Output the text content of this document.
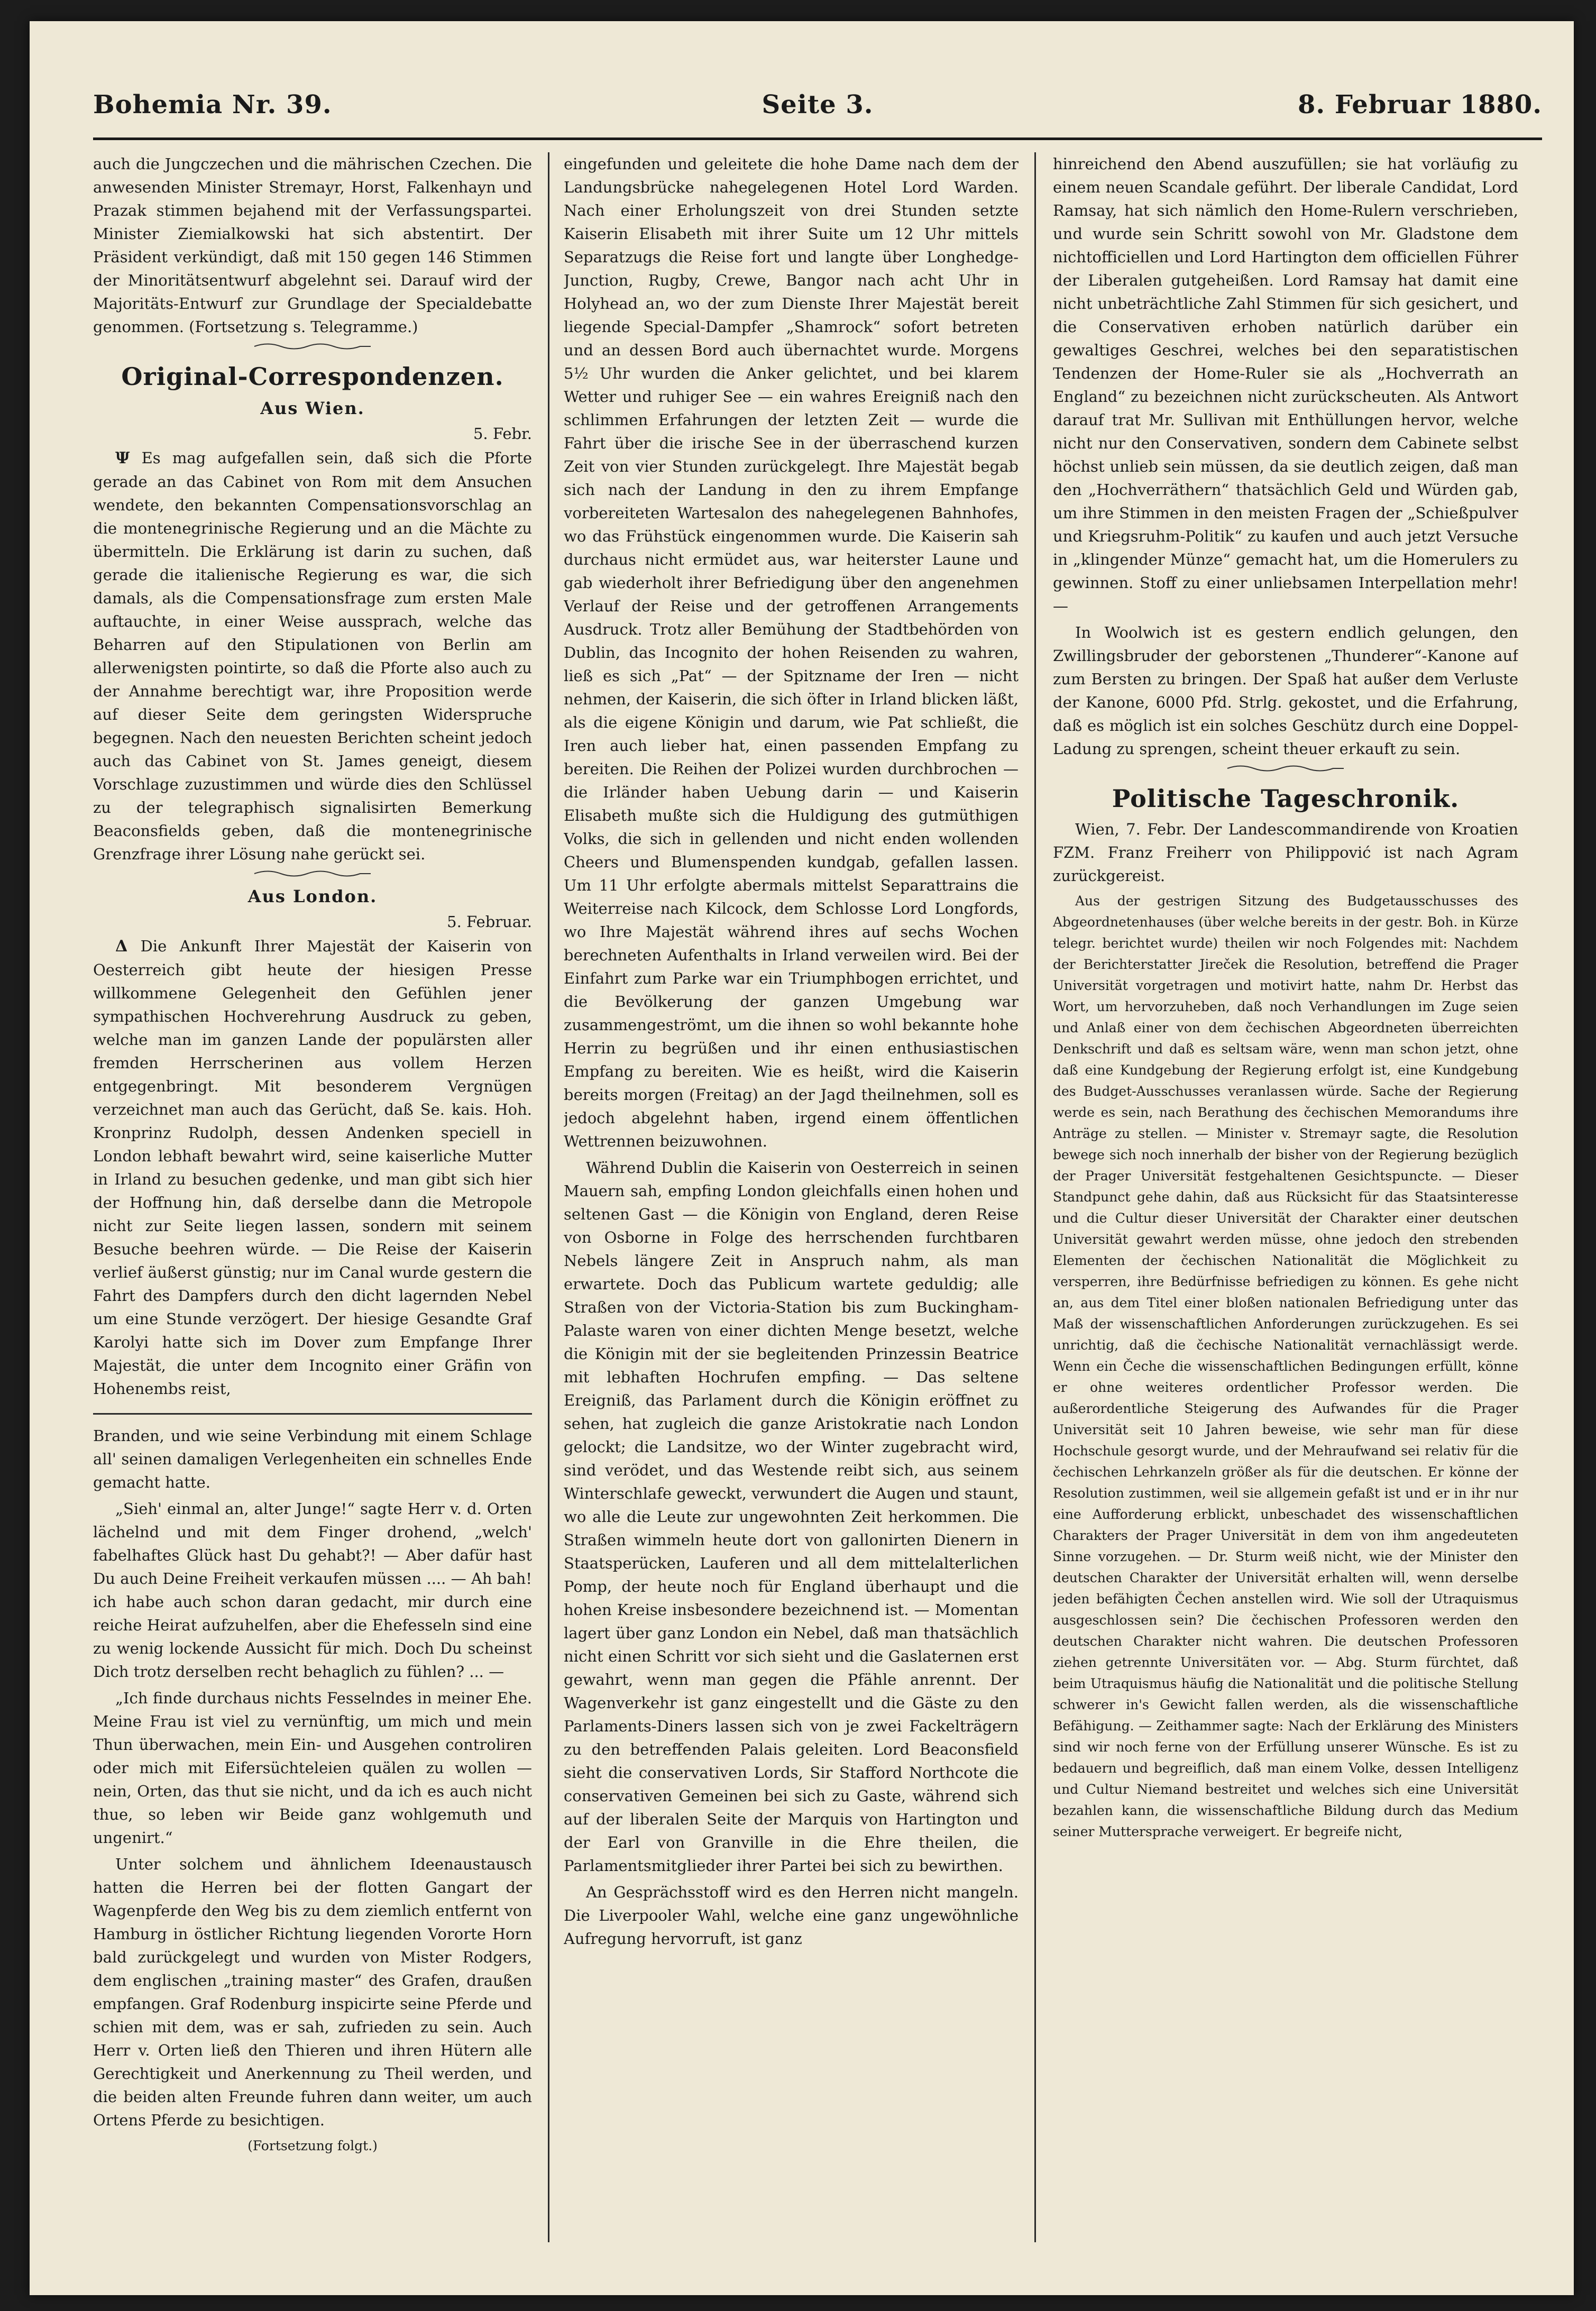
Bohemia Nr. 39.	Seite 3.	8. Februar 1880.

auch die Jungczechen und die mährischen Czechen. Die anwesenden Minister Stremayr, Horst, Falkenhayn und Prazak stimmen bejahend mit der Verfassungspartei. Minister Ziemialkowski hat sich abstentirt. Der Präsident verkündigt, daß mit 150 gegen 146 Stimmen der Minoritätsentwurf abgelehnt sei. Darauf wird der Majoritäts-Entwurf zur Grundlage der Specialdebatte genommen. (Fortsetzung s. Telegramme.)

Original-Correspondenzen.
Aus Wien.
5. Febr.

Ψ Es mag aufgefallen sein, daß sich die Pforte gerade an das Cabinet von Rom mit dem Ansuchen wendete, den bekannten Compensationsvorschlag an die montenegrinische Regierung und an die Mächte zu übermitteln. Die Erklärung ist darin zu suchen, daß gerade die italienische Regierung es war, die sich damals, als die Compensationsfrage zum ersten Male auftauchte, in einer Weise aussprach, welche das Beharren auf den Stipulationen von Berlin am allerwenigsten pointirte, so daß die Pforte also auch zu der Annahme berechtigt war, ihre Proposition werde auf dieser Seite dem geringsten Widerspruche begegnen. Nach den neuesten Berichten scheint jedoch auch das Cabinet von St. James geneigt, diesem Vorschlage zuzustimmen und würde dies den Schlüssel zu der telegraphisch signalisirten Bemerkung Beaconsfields geben, daß die montenegrinische Grenzfrage ihrer Lösung nahe gerückt sei.

Aus London.
5. Februar.

Δ Die Ankunft Ihrer Majestät der Kaiserin von Oesterreich gibt heute der hiesigen Presse willkommene Gelegenheit den Gefühlen jener sympathischen Hochverehrung Ausdruck zu geben, welche man im ganzen Lande der populärsten aller fremden Herrscherinen aus vollem Herzen entgegenbringt. Mit besonderem Vergnügen verzeichnet man auch das Gerücht, daß Se. kais. Hoh. Kronprinz Rudolph, dessen Andenken speciell in London lebhaft bewahrt wird, seine kaiserliche Mutter in Irland zu besuchen gedenke, und man gibt sich hier der Hoffnung hin, daß derselbe dann die Metropole nicht zur Seite liegen lassen, sondern mit seinem Besuche beehren würde. — Die Reise der Kaiserin verlief äußerst günstig; nur im Canal wurde gestern die Fahrt des Dampfers durch den dicht lagernden Nebel um eine Stunde verzögert. Der hiesige Gesandte Graf Karolyi hatte sich im Dover zum Empfange Ihrer Majestät, die unter dem Incognito einer Gräfin von Hohenembs reist,

Branden, und wie seine Verbindung mit einem Schlage all' seinen damaligen Verlegenheiten ein schnelles Ende gemacht hatte.

„Sieh' einmal an, alter Junge!“ sagte Herr v. d. Orten lächelnd und mit dem Finger drohend, „welch' fabelhaftes Glück hast Du gehabt?! — Aber dafür hast Du auch Deine Freiheit verkaufen müssen .... — Ah bah! ich habe auch schon daran gedacht, mir durch eine reiche Heirat aufzuhelfen, aber die Ehefesseln sind eine zu wenig lockende Aussicht für mich. Doch Du scheinst Dich trotz derselben recht behaglich zu fühlen? ... —

„Ich finde durchaus nichts Fesselndes in meiner Ehe. Meine Frau ist viel zu vernünftig, um mich und mein Thun überwachen, mein Ein- und Ausgehen controliren oder mich mit Eifersüchteleien quälen zu wollen — nein, Orten, das thut sie nicht, und da ich es auch nicht thue, so leben wir Beide ganz wohlgemuth und ungenirt.“

Unter solchem und ähnlichem Ideenaustausch hatten die Herren bei der flotten Gangart der Wagenpferde den Weg bis zu dem ziemlich entfernt von Hamburg in östlicher Richtung liegenden Vororte Horn bald zurückgelegt und wurden von Mister Rodgers, dem englischen „training master“ des Grafen, draußen empfangen. Graf Rodenburg inspicirte seine Pferde und schien mit dem, was er sah, zufrieden zu sein. Auch Herr v. Orten ließ den Thieren und ihren Hütern alle Gerechtigkeit und Anerkennung zu Theil werden, und die beiden alten Freunde fuhren dann weiter, um auch Ortens Pferde zu besichtigen.

(Fortsetzung folgt.)

eingefunden und geleitete die hohe Dame nach dem der Landungsbrücke nahegelegenen Hotel Lord Warden. Nach einer Erholungszeit von drei Stunden setzte Kaiserin Elisabeth mit ihrer Suite um 12 Uhr mittels Separatzugs die Reise fort und langte über Longhedge-Junction, Rugby, Crewe, Bangor nach acht Uhr in Holyhead an, wo der zum Dienste Ihrer Majestät bereit liegende Special-Dampfer „Shamrock“ sofort betreten und an dessen Bord auch übernachtet wurde. Morgens 5½ Uhr wurden die Anker gelichtet, und bei klarem Wetter und ruhiger See — ein wahres Ereigniß nach den schlimmen Erfahrungen der letzten Zeit — wurde die Fahrt über die irische See in der überraschend kurzen Zeit von vier Stunden zurückgelegt. Ihre Majestät begab sich nach der Landung in den zu ihrem Empfange vorbereiteten Wartesalon des nahegelegenen Bahnhofes, wo das Frühstück eingenommen wurde. Die Kaiserin sah durchaus nicht ermüdet aus, war heiterster Laune und gab wiederholt ihrer Befriedigung über den angenehmen Verlauf der Reise und der getroffenen Arrangements Ausdruck. Trotz aller Bemühung der Stadtbehörden von Dublin, das Incognito der hohen Reisenden zu wahren, ließ es sich „Pat“ — der Spitzname der Iren — nicht nehmen, der Kaiserin, die sich öfter in Irland blicken läßt, als die eigene Königin und darum, wie Pat schließt, die Iren auch lieber hat, einen passenden Empfang zu bereiten. Die Reihen der Polizei wurden durchbrochen — die Irländer haben Uebung darin — und Kaiserin Elisabeth mußte sich die Huldigung des gutmüthigen Volks, die sich in gellenden und nicht enden wollenden Cheers und Blumenspenden kundgab, gefallen lassen. Um 11 Uhr erfolgte abermals mittelst Separattrains die Weiterreise nach Kilcock, dem Schlosse Lord Longfords, wo Ihre Majestät während ihres auf sechs Wochen berechneten Aufenthalts in Irland verweilen wird. Bei der Einfahrt zum Parke war ein Triumphbogen errichtet, und die Bevölkerung der ganzen Umgebung war zusammengeströmt, um die ihnen so wohl bekannte hohe Herrin zu begrüßen und ihr einen enthusiastischen Empfang zu bereiten. Wie es heißt, wird die Kaiserin bereits morgen (Freitag) an der Jagd theilnehmen, soll es jedoch abgelehnt haben, irgend einem öffentlichen Wettrennen beizuwohnen.

Während Dublin die Kaiserin von Oesterreich in seinen Mauern sah, empfing London gleichfalls einen hohen und seltenen Gast — die Königin von England, deren Reise von Osborne in Folge des herrschenden furchtbaren Nebels längere Zeit in Anspruch nahm, als man erwartete. Doch das Publicum wartete geduldig; alle Straßen von der Victoria-Station bis zum Buckingham-Palaste waren von einer dichten Menge besetzt, welche die Königin mit der sie begleitenden Prinzessin Beatrice mit lebhaften Hochrufen empfing. — Das seltene Ereigniß, das Parlament durch die Königin eröffnet zu sehen, hat zugleich die ganze Aristokratie nach London gelockt; die Landsitze, wo der Winter zugebracht wird, sind verödet, und das Westende reibt sich, aus seinem Winterschlafe geweckt, verwundert die Augen und staunt, wo alle die Leute zur ungewohnten Zeit herkommen. Die Straßen wimmeln heute dort von gallonirten Dienern in Staatsperücken, Lauferen und all dem mittelalterlichen Pomp, der heute noch für England überhaupt und die hohen Kreise insbesondere bezeichnend ist. — Momentan lagert über ganz London ein Nebel, daß man thatsächlich nicht einen Schritt vor sich sieht und die Gaslaternen erst gewahrt, wenn man gegen die Pfähle anrennt. Der Wagenverkehr ist ganz eingestellt und die Gäste zu den Parlaments-Diners lassen sich von je zwei Fackelträgern zu den betreffenden Palais geleiten. Lord Beaconsfield sieht die conservativen Lords, Sir Stafford Northcote die conservativen Gemeinen bei sich zu Gaste, während sich auf der liberalen Seite der Marquis von Hartington und der Earl von Granville in die Ehre theilen, die Parlamentsmitglieder ihrer Partei bei sich zu bewirthen.

An Gesprächsstoff wird es den Herren nicht mangeln. Die Liverpooler Wahl, welche eine ganz ungewöhnliche Aufregung hervorruft, ist ganz

hinreichend den Abend auszufüllen; sie hat vorläufig zu einem neuen Scandale geführt. Der liberale Candidat, Lord Ramsay, hat sich nämlich den Home-Rulern verschrieben, und wurde sein Schritt sowohl von Mr. Gladstone dem nichtofficiellen und Lord Hartington dem officiellen Führer der Liberalen gutgeheißen. Lord Ramsay hat damit eine nicht unbeträchtliche Zahl Stimmen für sich gesichert, und die Conservativen erhoben natürlich darüber ein gewaltiges Geschrei, welches bei den separatistischen Tendenzen der Home-Ruler sie als „Hochverrath an England“ zu bezeichnen nicht zurückscheuten. Als Antwort darauf trat Mr. Sullivan mit Enthüllungen hervor, welche nicht nur den Conservativen, sondern dem Cabinete selbst höchst unlieb sein müssen, da sie deutlich zeigen, daß man den „Hochverräthern“ thatsächlich Geld und Würden gab, um ihre Stimmen in den meisten Fragen der „Schießpulver und Kriegsruhm-Politik“ zu kaufen und auch jetzt Versuche in „klingender Münze“ gemacht hat, um die Homerulers zu gewinnen. Stoff zu einer unliebsamen Interpellation mehr! —

In Woolwich ist es gestern endlich gelungen, den Zwillingsbruder der geborstenen „Thunderer“-Kanone auf zum Bersten zu bringen. Der Spaß hat außer dem Verluste der Kanone, 6000 Pfd. Strlg. gekostet, und die Erfahrung, daß es möglich ist ein solches Geschütz durch eine Doppel-Ladung zu sprengen, scheint theuer erkauft zu sein.

Politische Tageschronik.

Wien, 7. Febr. Der Landescommandirende von Kroatien FZM. Franz Freiherr von Philippović ist nach Agram zurückgereist.

Aus der gestrigen Sitzung des Budgetausschusses des Abgeordnetenhauses (über welche bereits in der gestr. Boh. in Kürze telegr. berichtet wurde) theilen wir noch Folgendes mit: Nachdem der Berichterstatter Jireček die Resolution, betreffend die Prager Universität vorgetragen und motivirt hatte, nahm Dr. Herbst das Wort, um hervorzuheben, daß noch Verhandlungen im Zuge seien und Anlaß einer von dem čechischen Abgeordneten überreichten Denkschrift und daß es seltsam wäre, wenn man schon jetzt, ohne daß eine Kundgebung der Regierung erfolgt ist, eine Kundgebung des Budget-Ausschusses veranlassen würde. Sache der Regierung werde es sein, nach Berathung des čechischen Memorandums ihre Anträge zu stellen. — Minister v. Stremayr sagte, die Resolution bewege sich noch innerhalb der bisher von der Regierung bezüglich der Prager Universität festgehaltenen Gesichtspuncte. — Dieser Standpunct gehe dahin, daß aus Rücksicht für das Staatsinteresse und die Cultur dieser Universität der Charakter einer deutschen Universität gewahrt werden müsse, ohne jedoch den strebenden Elementen der čechischen Nationalität die Möglichkeit zu versperren, ihre Bedürfnisse befriedigen zu können. Es gehe nicht an, aus dem Titel einer bloßen nationalen Befriedigung unter das Maß der wissenschaftlichen Anforderungen zurückzugehen. Es sei unrichtig, daß die čechische Nationalität vernachlässigt werde. Wenn ein Čeche die wissenschaftlichen Bedingungen erfüllt, könne er ohne weiteres ordentlicher Professor werden. Die außerordentliche Steigerung des Aufwandes für die Prager Universität seit 10 Jahren beweise, wie sehr man für diese Hochschule gesorgt wurde, und der Mehraufwand sei relativ für die čechischen Lehrkanzeln größer als für die deutschen. Er könne der Resolution zustimmen, weil sie allgemein gefaßt ist und er in ihr nur eine Aufforderung erblickt, unbeschadet des wissenschaftlichen Charakters der Prager Universität in dem von ihm angedeuteten Sinne vorzugehen. — Dr. Sturm weiß nicht, wie der Minister den deutschen Charakter der Universität erhalten will, wenn derselbe jeden befähigten Čechen anstellen wird. Wie soll der Utraquismus ausgeschlossen sein? Die čechischen Professoren werden den deutschen Charakter nicht wahren. Die deutschen Professoren ziehen getrennte Universitäten vor. — Abg. Sturm fürchtet, daß beim Utraquismus häufig die Nationalität und die politische Stellung schwerer in's Gewicht fallen werden, als die wissenschaftliche Befähigung. — Zeithammer sagte: Nach der Erklärung des Ministers sind wir noch ferne von der Erfüllung unserer Wünsche. Es ist zu bedauern und begreiflich, daß man einem Volke, dessen Intelligenz und Cultur Niemand bestreitet und welches sich eine Universität bezahlen kann, die wissenschaftliche Bildung durch das Medium seiner Muttersprache verweigert. Er begreife nicht,
